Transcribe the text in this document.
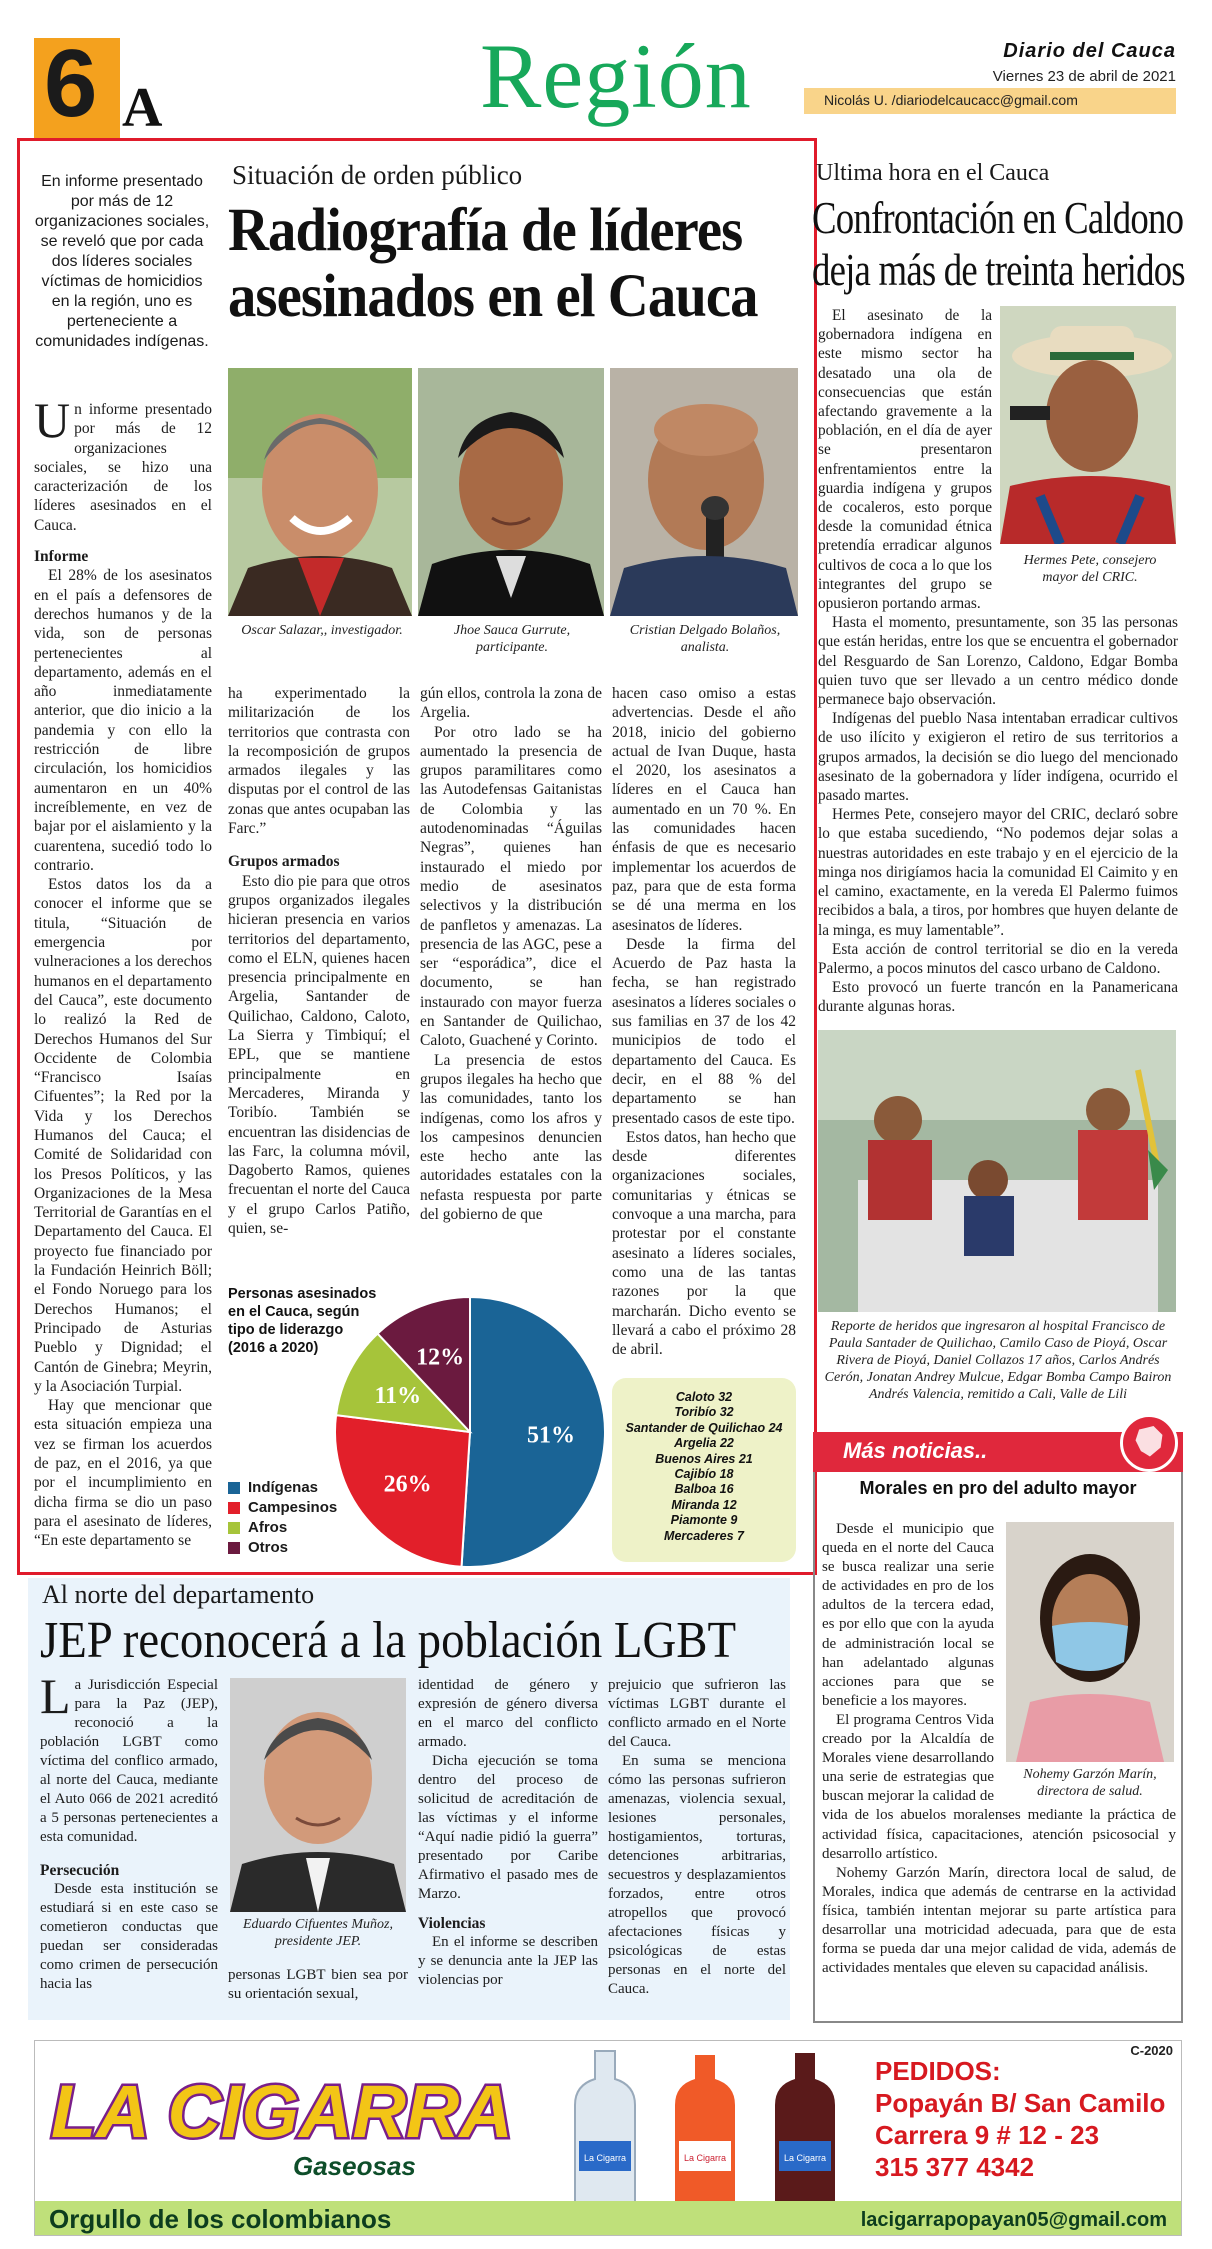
6 A	Región	Diario del Cauca
Viernes 23 de abril de 2021
Nicolás U. /diariodelcaucacc@gmail.com
En informe presentado por más de 12 organizaciones sociales, se reveló que por cada dos líderes sociales víctimas de homicidios en la región, uno es perteneciente a comunidades indígenas.
Situación de orden público
Radiografía de líderes asesinados en el Cauca
Oscar Salazar,, investigador.	Jhoe Sauca Gurrute, participante.
Cristian Delgado Bolaños, analista.

Un informe presentado por más de 12 organizaciones sociales, se hizo una caracterización de los líderes asesinados en el Cauca.

Informe

El 28% de los asesinatos en el país a defensores de derechos humanos y de la vida, son de personas pertenecientes al departamento, además en el año inmediatamente anterior, que dio inicio a la pandemia y con ello la restricción de libre circulación, los homicidios aumentaron en un 40% increíblemente, en vez de bajar por el aislamiento y la cuarentena, sucedió todo lo contrario.

Estos datos los da a conocer el informe que se titula, “Situación de emergencia por vulneraciones a los derechos humanos en el departamento del Cauca”, este documento lo realizó la Red de Derechos Humanos del Sur Occidente de Colombia “Francisco Isaías Cifuentes”; la Red por la Vida y los Derechos Humanos del Cauca; el Comité de Solidaridad con los Presos Políticos, y las Organizaciones de la Mesa Territorial de Garantías en el Departamento del Cauca. El proyecto fue financiado por la Fundación Heinrich Böll; el Fondo Noruego para los Derechos Humanos; el Principado de Asturias Pueblo y Dignidad; el Cantón de Ginebra; Meyrin, y la Asociación Turpial.

Hay que mencionar que esta situación empieza una vez se firman los acuerdos de paz, en el 2016, ya que por el incumplimiento en dicha firma se dio un paso para el asesinato de líderes, “En este departamento se

ha experimentado la militarización de los territorios que contrasta con la recomposición de grupos armados ilegales y las disputas por el control de las zonas que antes ocupaban las Farc.”

Grupos armados

Esto dio pie para que otros grupos organizados ilegales hicieran presencia en varios territorios del departamento, como el ELN, quienes hacen presencia principalmente en Argelia, Santander de Quilichao, Caldono, Caloto, La Sierra y Timbiquí; el EPL, que se mantiene principalmente en Mercaderes, Miranda y Toribío. También se encuentran las disidencias de las Farc, la columna móvil, Dagoberto Ramos, quienes frecuentan el norte del Cauca y el grupo Carlos Patiño, quien, se-

gún ellos, controla la zona de Argelia.

Por otro lado se ha aumentado la presencia de grupos paramilitares como las Autodefensas Gaitanistas de Colombia y las autodenominadas “Águilas Negras”, quienes han instaurado el miedo por medio de asesinatos selectivos y la distribución de panfletos y amenazas. La presencia de las AGC, pese a ser “esporádica”, dice el documento, se han instaurado con mayor fuerza en Santander de Quilichao, Caloto, Guachené y Corinto.

La presencia de estos grupos ilegales ha hecho que las comunidades, tanto los indígenas, como los afros y los campesinos denuncien este hecho ante las autoridades estatales con la nefasta respuesta por parte del gobierno de que

hacen caso omiso a estas advertencias. Desde el año 2018, inicio del gobierno actual de Ivan Duque, hasta el 2020, los asesinatos a líderes en el Cauca han aumentado en un 70 %. En las comunidades hacen énfasis de que es necesario implementar los acuerdos de paz, para que de esta forma se dé una merma en los asesinatos de líderes.

Desde la firma del Acuerdo de Paz hasta la fecha, se han registrado asesinatos a líderes sociales o sus familias en 37 de los 42 municipios de todo el departamento del Cauca. Es decir, en el 88 % del departamento se han presentado casos de este tipo.

Estos datos, han hecho que desde diferentes organizaciones sociales, comunitarias y étnicas se convoque a una marcha, para protestar por el constante asesinato a líderes sociales, como una de las tantas razones por la que marcharán. Dicho evento se llevará a cabo el próximo 28 de abril.

Personas asesinados en el Cauca, según tipo de liderazgo (2016 a 2020)
51%
26%
11%
12%
Indígenas
Campesinos
Afros
Otros
Caloto 32
Toribío 32
Santander de Quilichao 24
Argelia 22
Buenos Aires 21
Cajibío 18
Balboa 16
Miranda 12
Piamonte 9
Mercaderes 7
Ultima hora en el Cauca
Confrontación en Caldono
deja más de treinta heridos
Hermes Pete, consejero mayor del CRIC.

El asesinato de la gobernadora indígena en este mismo sector ha desatado una ola de consecuencias que están afectando gravemente a la población, en el día de ayer se presentaron enfrentamientos entre la guardia indígena y grupos de cocaleros, esto porque desde la comunidad étnica pretendía erradicar algunos cultivos de coca a lo que los integrantes del grupo se opusieron portando armas.

Hasta el momento, presuntamente, son 35 las personas que están heridas, entre los que se encuentra el gobernador del Resguardo de San Lorenzo, Caldono, Edgar Bomba quien tuvo que ser llevado a un centro médico donde permanece bajo observación.

Indígenas del pueblo Nasa intentaban erradicar cultivos de uso ilícito y exigieron el retiro de sus territorios a grupos armados, la decisión se dio luego del mencionado asesinato de la gobernadora y líder indígena, ocurrido el pasado martes.

Hermes Pete, consejero mayor del CRIC, declaró sobre lo que estaba sucediendo, “No podemos dejar solas a nuestras autoridades en este trabajo y en el ejercicio de la minga nos dirigíamos hacia la comunidad El Caimito y en el camino, exactamente, en la vereda El Palermo fuimos recibidos a bala, a tiros, por hombres que huyen delante de la minga, es muy lamentable”.

Esta acción de control territorial se dio en la vereda Palermo, a pocos minutos del casco urbano de Caldono.

Esto provocó un fuerte trancón en la Panamericana durante algunas horas.

Reporte de heridos que ingresaron al hospital Francisco de Paula Santader de Quilichao, Camilo Caso de Pioyá, Oscar Rivera de Pioyá, Daniel Collazos 17 años, Carlos Andrés Cerón, Jonatan Andrey Mulcue, Edgar Bomba Campo Bairon Andrés Valencia, remitido a Cali, Valle de Lili
Más noticias..
Morales en pro del adulto mayor
Nohemy Garzón Marín, directora de salud.

Desde el municipio que queda en el norte del Cauca se busca realizar una serie de actividades en pro de los adultos de la tercera edad, es por ello que con la ayuda de administración local se han adelantado algunas acciones para que se beneficie a los mayores.

El programa Centros Vida creado por la Alcaldía de Morales viene desarrollando una serie de estrategias que buscan mejorar la calidad de vida de los abuelos moralenses mediante la práctica de actividad física, capacitaciones, atención psicosocial y desarrollo artístico.

Nohemy Garzón Marín, directora local de salud, de Morales, indica que además de centrarse en la actividad física, también intentan mejorar su parte artística para desarrollar una motricidad adecuada, para que de esta forma se pueda dar una mejor calidad de vida, además de actividades mentales que eleven su capacidad análisis.

Al norte del departamento
JEP reconocerá a la población LGBT

La Jurisdicción Especial para la Paz (JEP), reconoció a la población LGBT como víctima del conflico armado, al norte del Cauca, mediante el Auto 066 de 2021 acreditó a 5 personas pertenecientes a esta comunidad.

Persecución

Desde esta institución se estudiará si en este caso se cometieron conductas que puedan ser consideradas como crimen de persecución hacia las

Eduardo Cifuentes Muñoz, presidente JEP.

personas LGBT bien sea por su orientación sexual,

identidad de género y expresión de género diversa en el marco del conflicto armado.

Dicha ejecución se toma dentro del proceso de solicitud de acreditación de las víctimas y el informe “Aquí nadie pidió la guerra” presentado por Caribe Afirmativo el pasado mes de Marzo.

Violencias

En el informe se describen y se denuncia ante la JEP las violencias por

prejuicio que sufrieron las víctimas LGBT durante el conflicto armado en el Norte del Cauca.

En suma se menciona cómo las personas sufrieron amenazas, violencia sexual, lesiones personales, hostigamientos, torturas, detenciones arbitrarias, secuestros y desplazamientos forzados, entre otros atropellos que provocó afectaciones físicas y psicológicas de estas personas en el norte del Cauca.

C-2020
LA CIGARRA
Gaseosas	La Cigarra	La Cigarra	La Cigarra
PEDIDOS:
Popayán B/ San Camilo
Carrera 9 # 12 - 23
315 377 4342
Orgullo de los colombianos	lacigarrapopayan05@gmail.com
